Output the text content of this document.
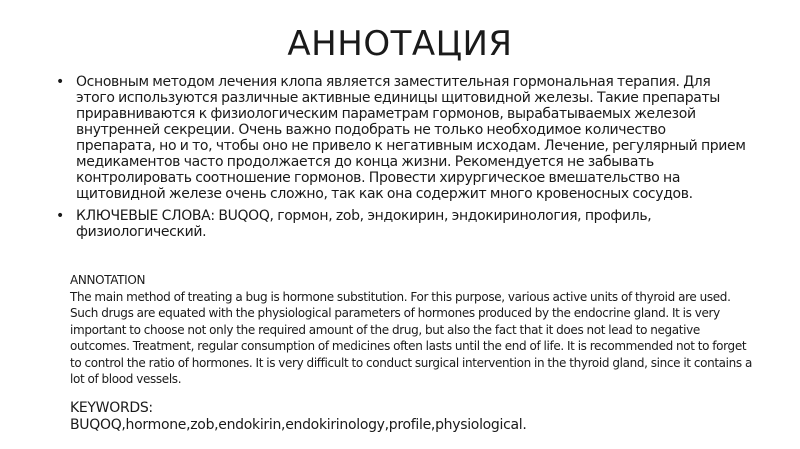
АННОТАЦИЯ
• Основным методом лечения клопа является заместительная гормональная терапия. Для этого используются различные активные единицы щитовидной железы. Такие препараты приравниваются к физиологическим параметрам гормонов, вырабатываемых железой внутренней секреции. Очень важно подобрать не только необходимое количество препарата, но и то, чтобы оно не привело к негативным исходам. Лечение, регулярный прием медикаментов часто продолжается до конца жизни. Рекомендуется не забывать контролировать соотношение гормонов. Провести хирургическое вмешательство на щитовидной железе очень сложно, так как она содержит много кровеносных сосудов.
• КЛЮЧЕВЫЕ СЛОВА: BUQOQ, гормон, zob, эндокирин, эндокиринология, профиль, физиологический.
ANNOTATION
The main method of treating a bug is hormone substitution. For this purpose, various active units of thyroid are used. Such drugs are equated with the physiological parameters of hormones produced by the endocrine gland. It is very important to choose not only the required amount of the drug, but also the fact that it does not lead to negative outcomes. Treatment, regular consumption of medicines often lasts until the end of life. It is recommended not to forget to control the ratio of hormones. It is very difficult to conduct surgical intervention in the thyroid gland, since it contains a lot of blood vessels.
KEYWORDS:
BUQOQ,hormone,zob,endokirin,endokirinology,profile,physiological.
